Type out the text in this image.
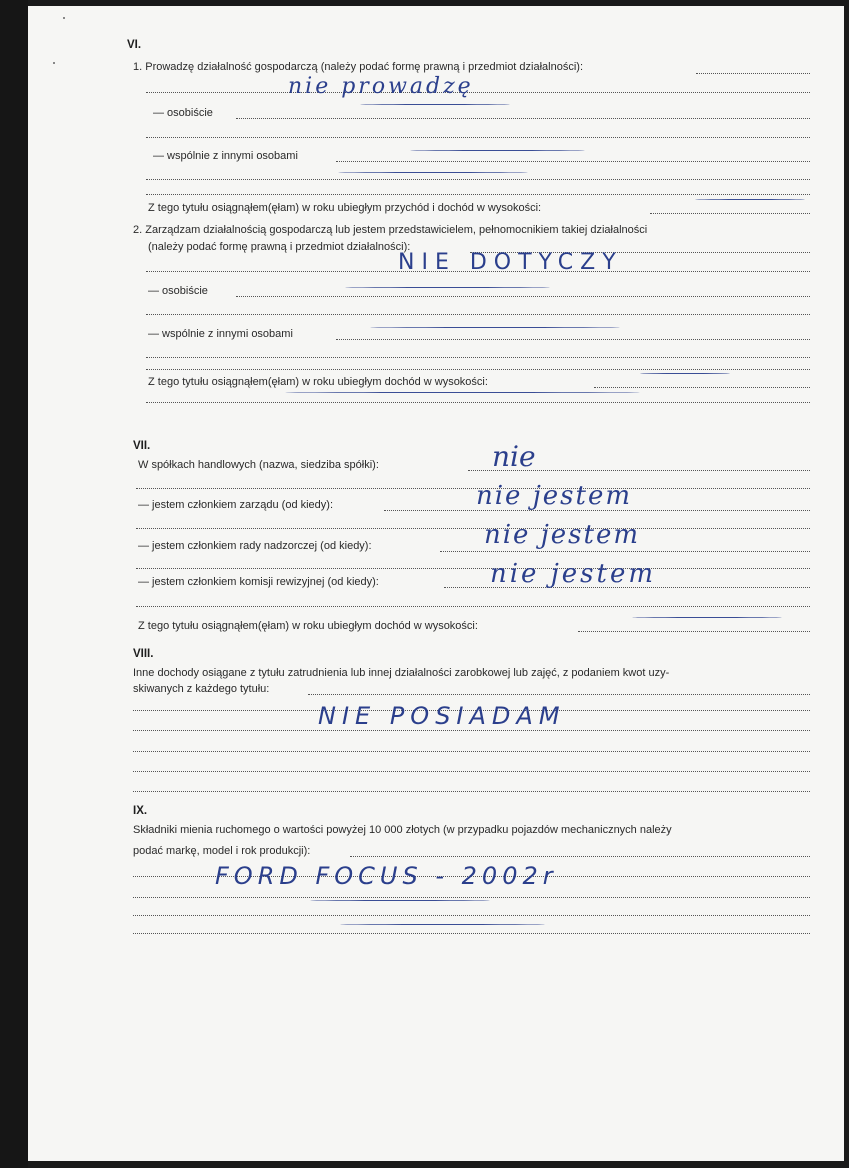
VI.
1. Prowadzę działalność gospodarczą (należy podać formę prawną i przedmiot działalności):
nie prowadzę
— osobiście
— wspólnie z innymi osobami
Z tego tytułu osiągnąłem(ęłam) w roku ubiegłym przychód i dochód w wysokości:
2. Zarządzam działalnością gospodarczą lub jestem przedstawicielem, pełnomocnikiem takiej działalności
(należy podać formę prawną i przedmiot działalności):
NIE DOTYCZY
— osobiście
— wspólnie z innymi osobami
Z tego tytułu osiągnąłem(ęłam) w roku ubiegłym dochód w wysokości:
VII.
W spółkach handlowych (nazwa, siedziba spółki):	nie
— jestem członkiem zarządu (od kiedy):	nie jestem
— jestem członkiem rady nadzorczej (od kiedy):	nie jestem
— jestem członkiem komisji rewizyjnej (od kiedy):	nie jestem
Z tego tytułu osiągnąłem(ęłam) w roku ubiegłym dochód w wysokości:
VIII.
Inne dochody osiągane z tytułu zatrudnienia lub innej działalności zarobkowej lub zajęć, z podaniem kwot uzy-
skiwanych z każdego tytułu:
NIE POSIADAM
IX.
Składniki mienia ruchomego o wartości powyżej 10 000 złotych (w przypadku pojazdów mechanicznych należy
podać markę, model i rok produkcji):
FORD FOCUS - 2002r
